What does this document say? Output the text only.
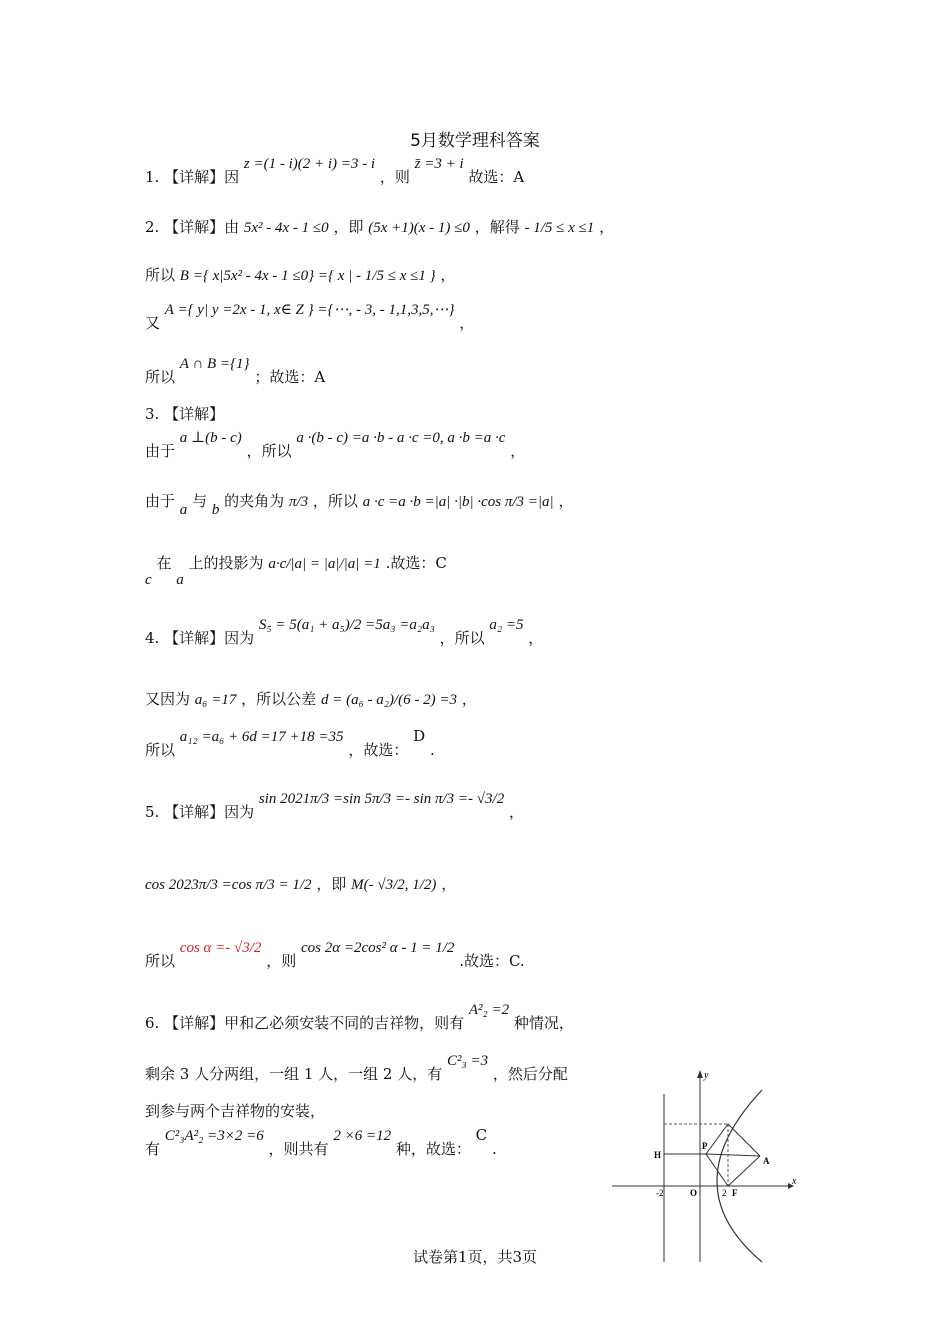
5月数学理科答案
1. 【详解】因 z =(1 - i)(2 + i) =3 - i ，则 z̄ =3 + i 故选：A
2. 【详解】由 5x² - 4x - 1 ≤0 ，即 (5x +1)(x - 1) ≤0 ，解得 - 1/5 ≤ x ≤1 ，
所以 B ={ x|5x² - 4x - 1 ≤0} ={ x | - 1/5 ≤ x ≤1 } ，
又 A ={ y| y =2x - 1, x∈ Z } ={⋯, - 3, - 1,1,3,5,⋯} ，
所以 A ∩ B ={1} ；故选：A
3. 【详解】
由于 a ⊥(b - c) ，所以 a ·(b - c) =a ·b - a ·c =0, a ·b =a ·c ，
由于 a 与 b 的夹角为 π/3 ，所以 a ·c =a ·b =|a| ·|b| ·cos π/3 =|a| ，
c 在 a 上的投影为 a·c/|a| = |a|/|a| =1 .故选：C
4. 【详解】因为 S₅ = 5(a₁ + a₅)/2 =5a₃ =a₂a₃ ，所以 a₂ =5 ，
又因为 a₆ =17 ，所以公差 d = (a₆ - a₂)/(6 - 2) =3 ，
所以 a₁₂ =a₆ + 6d =17 +18 =35 ，故选： D .
5. 【详解】因为 sin 2021π/3 =sin 5π/3 =- sin π/3 =- √3/2 ，
cos 2023π/3 =cos π/3 = 1/2 ，即 M(- √3/2, 1/2) ，
所以 cos α =- √3/2 ，则 cos 2α =2cos² α - 1 = 1/2 .故选：C.
6. 【详解】甲和乙必须安装不同的吉祥物，则有 A²₂ =2 种情况，
剩余 3 人分两组，一组 1 人，一组 2 人，有 C²₃ =3 ，然后分配
到参与两个吉祥物的安装，
有 C²₃A²₂ =3×2 =6 ，则共有 2 ×6 =12 种，故选： C .
x
y
H
P
A
O	F
-2	2
试卷第1页，共3页
